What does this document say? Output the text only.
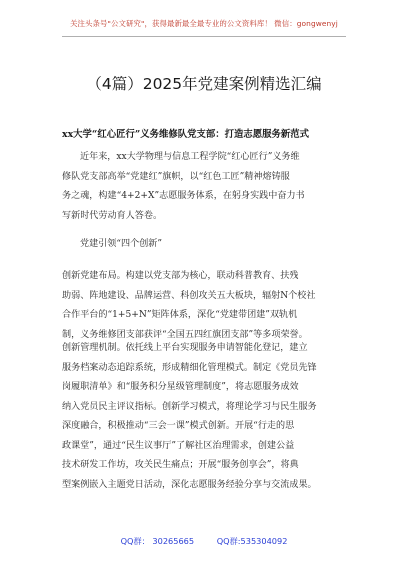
关注头条号"公文研究"，获得最新最全最专业的公文资料库！ 微信：gongwenyj
（4篇）2025年党建案例精选汇编
xx大学“红心匠行”义务维修队党支部：打造志愿服务新范式
近年来，xx大学物理与信息工程学院“红心匠行”义务维
修队党支部高举“党建红”旗帜，以“红色工匠”精神熔铸服
务之魂，构建“4+2+X”志愿服务体系，在躬身实践中奋力书
写新时代劳动育人答卷。
党建引领“四个创新”
创新党建布局。构建以党支部为核心，联动科普教育、扶残
助弱、阵地建设、品牌运营、科创攻关五大板块，辐射N个校社
合作平台的“1+5+N”矩阵体系，深化“党建带团建”双轨机
制，义务维修团支部获评“全国五四红旗团支部”等多项荣誉。
创新管理机制。依托线上平台实现服务申请智能化登记，建立
服务档案动态追踪系统，形成精细化管理模式。制定《党员先锋
岗履职清单》和“服务积分星级管理制度”，将志愿服务成效
纳入党员民主评议指标。创新学习模式，将理论学习与民生服务
深度融合，积极推动“三会一课”模式创新。开展“行走的思
政课堂”，通过“民生议事厅”了解社区治理需求，创建公益
技术研发工作坊，攻关民生痛点；开展“服务创享会”，将典
型案例嵌入主题党日活动，深化志愿服务经验分享与交流成果。
QQ群： 30265665	QQ群:535304092
